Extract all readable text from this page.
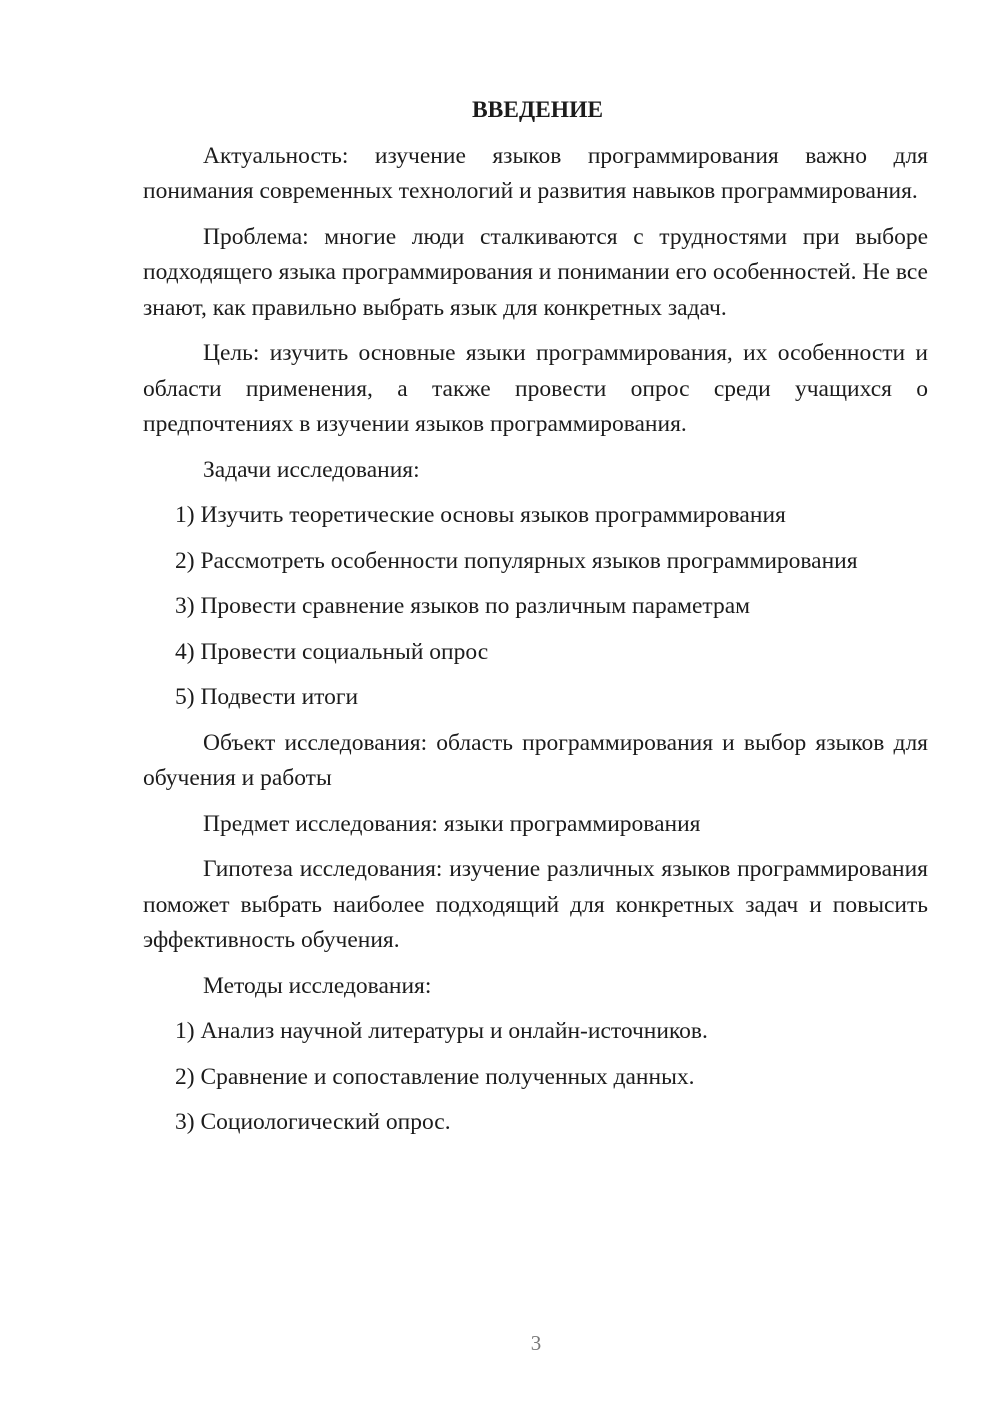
ВВЕДЕНИЕ

Актуальность: изучение языков программирования важно для понимания современных технологий и развития навыков программирования.

Проблема: многие люди сталкиваются с трудностями при выборе подходящего языка программирования и понимании его особенностей. Не все знают, как правильно выбрать язык для конкретных задач.

Цель: изучить основные языки программирования, их особенности и области применения, а также провести опрос среди учащихся о предпочтениях в изучении языков программирования.

Задачи исследования:

1) Изучить теоретические основы языков программирования
2) Рассмотреть особенности популярных языков программирования
3) Провести сравнение языков по различным параметрам
4) Провести социальный опрос
5) Подвести итоги

Объект исследования: область программирования и выбор языков для обучения и работы

Предмет исследования: языки программирования

Гипотеза исследования: изучение различных языков программирования поможет выбрать наиболее подходящий для конкретных задач и повысить эффективность обучения.

Методы исследования:

1) Анализ научной литературы и онлайн-источников.
2) Сравнение и сопоставление полученных данных.
3) Социологический опрос.
3
